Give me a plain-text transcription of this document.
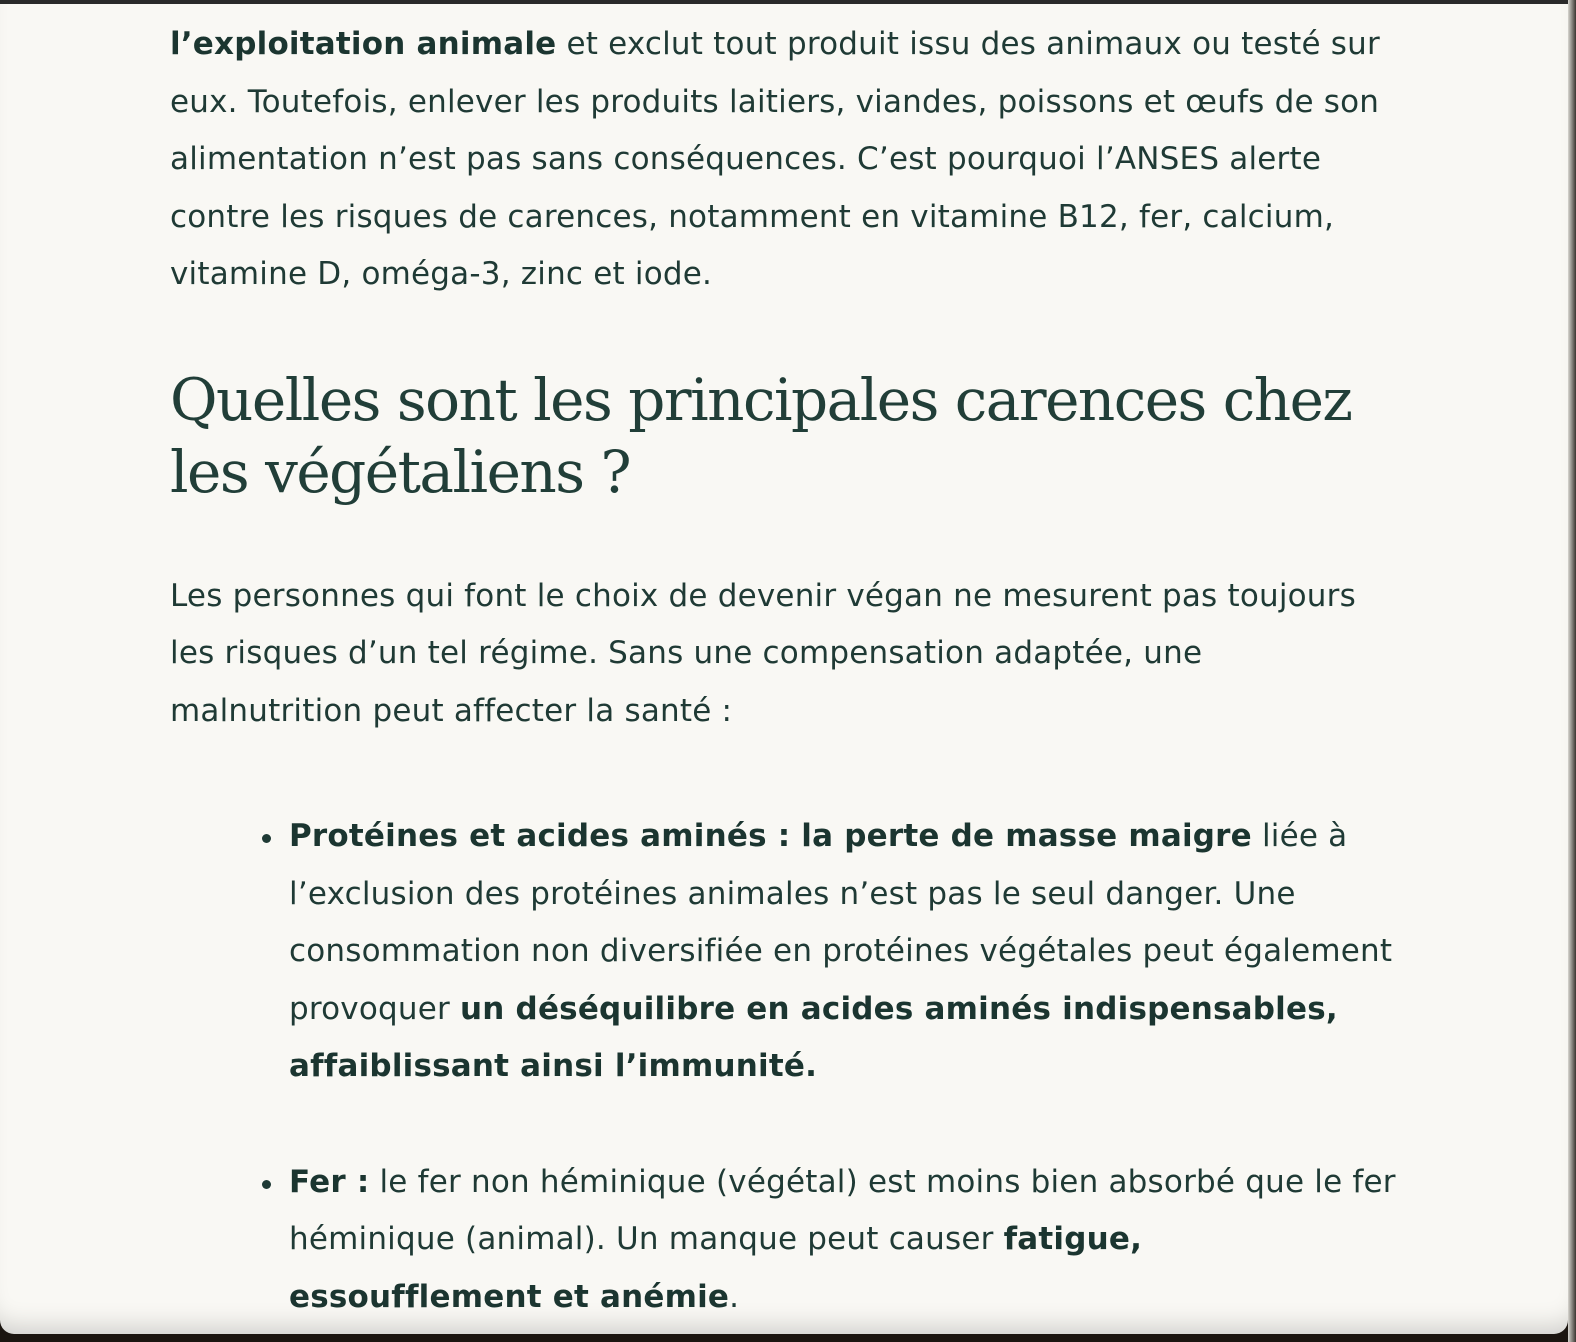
l’exploitation animale et exclut tout produit issu des animaux ou testé sur eux. Toutefois, enlever les produits laitiers, viandes, poissons et œufs de son alimentation n’est pas sans conséquences. C’est pourquoi l’ANSES alerte contre les risques de carences, notamment en vitamine B12, fer, calcium, vitamine D, oméga-3, zinc et iode.

Quelles sont les principales carences chez les végétaliens ?

Les personnes qui font le choix de devenir végan ne mesurent pas toujours les risques d’un tel régime. Sans une compensation adaptée, une malnutrition peut affecter la santé :

Protéines et acides aminés : la perte de masse maigre liée à l’exclusion des protéines animales n’est pas le seul danger. Une consommation non diversifiée en protéines végétales peut également provoquer un déséquilibre en acides aminés indispensables, affaiblissant ainsi l’immunité.
Fer : le fer non héminique (végétal) est moins bien absorbé que le fer héminique (animal). Un manque peut causer fatigue, essoufflement et anémie.
